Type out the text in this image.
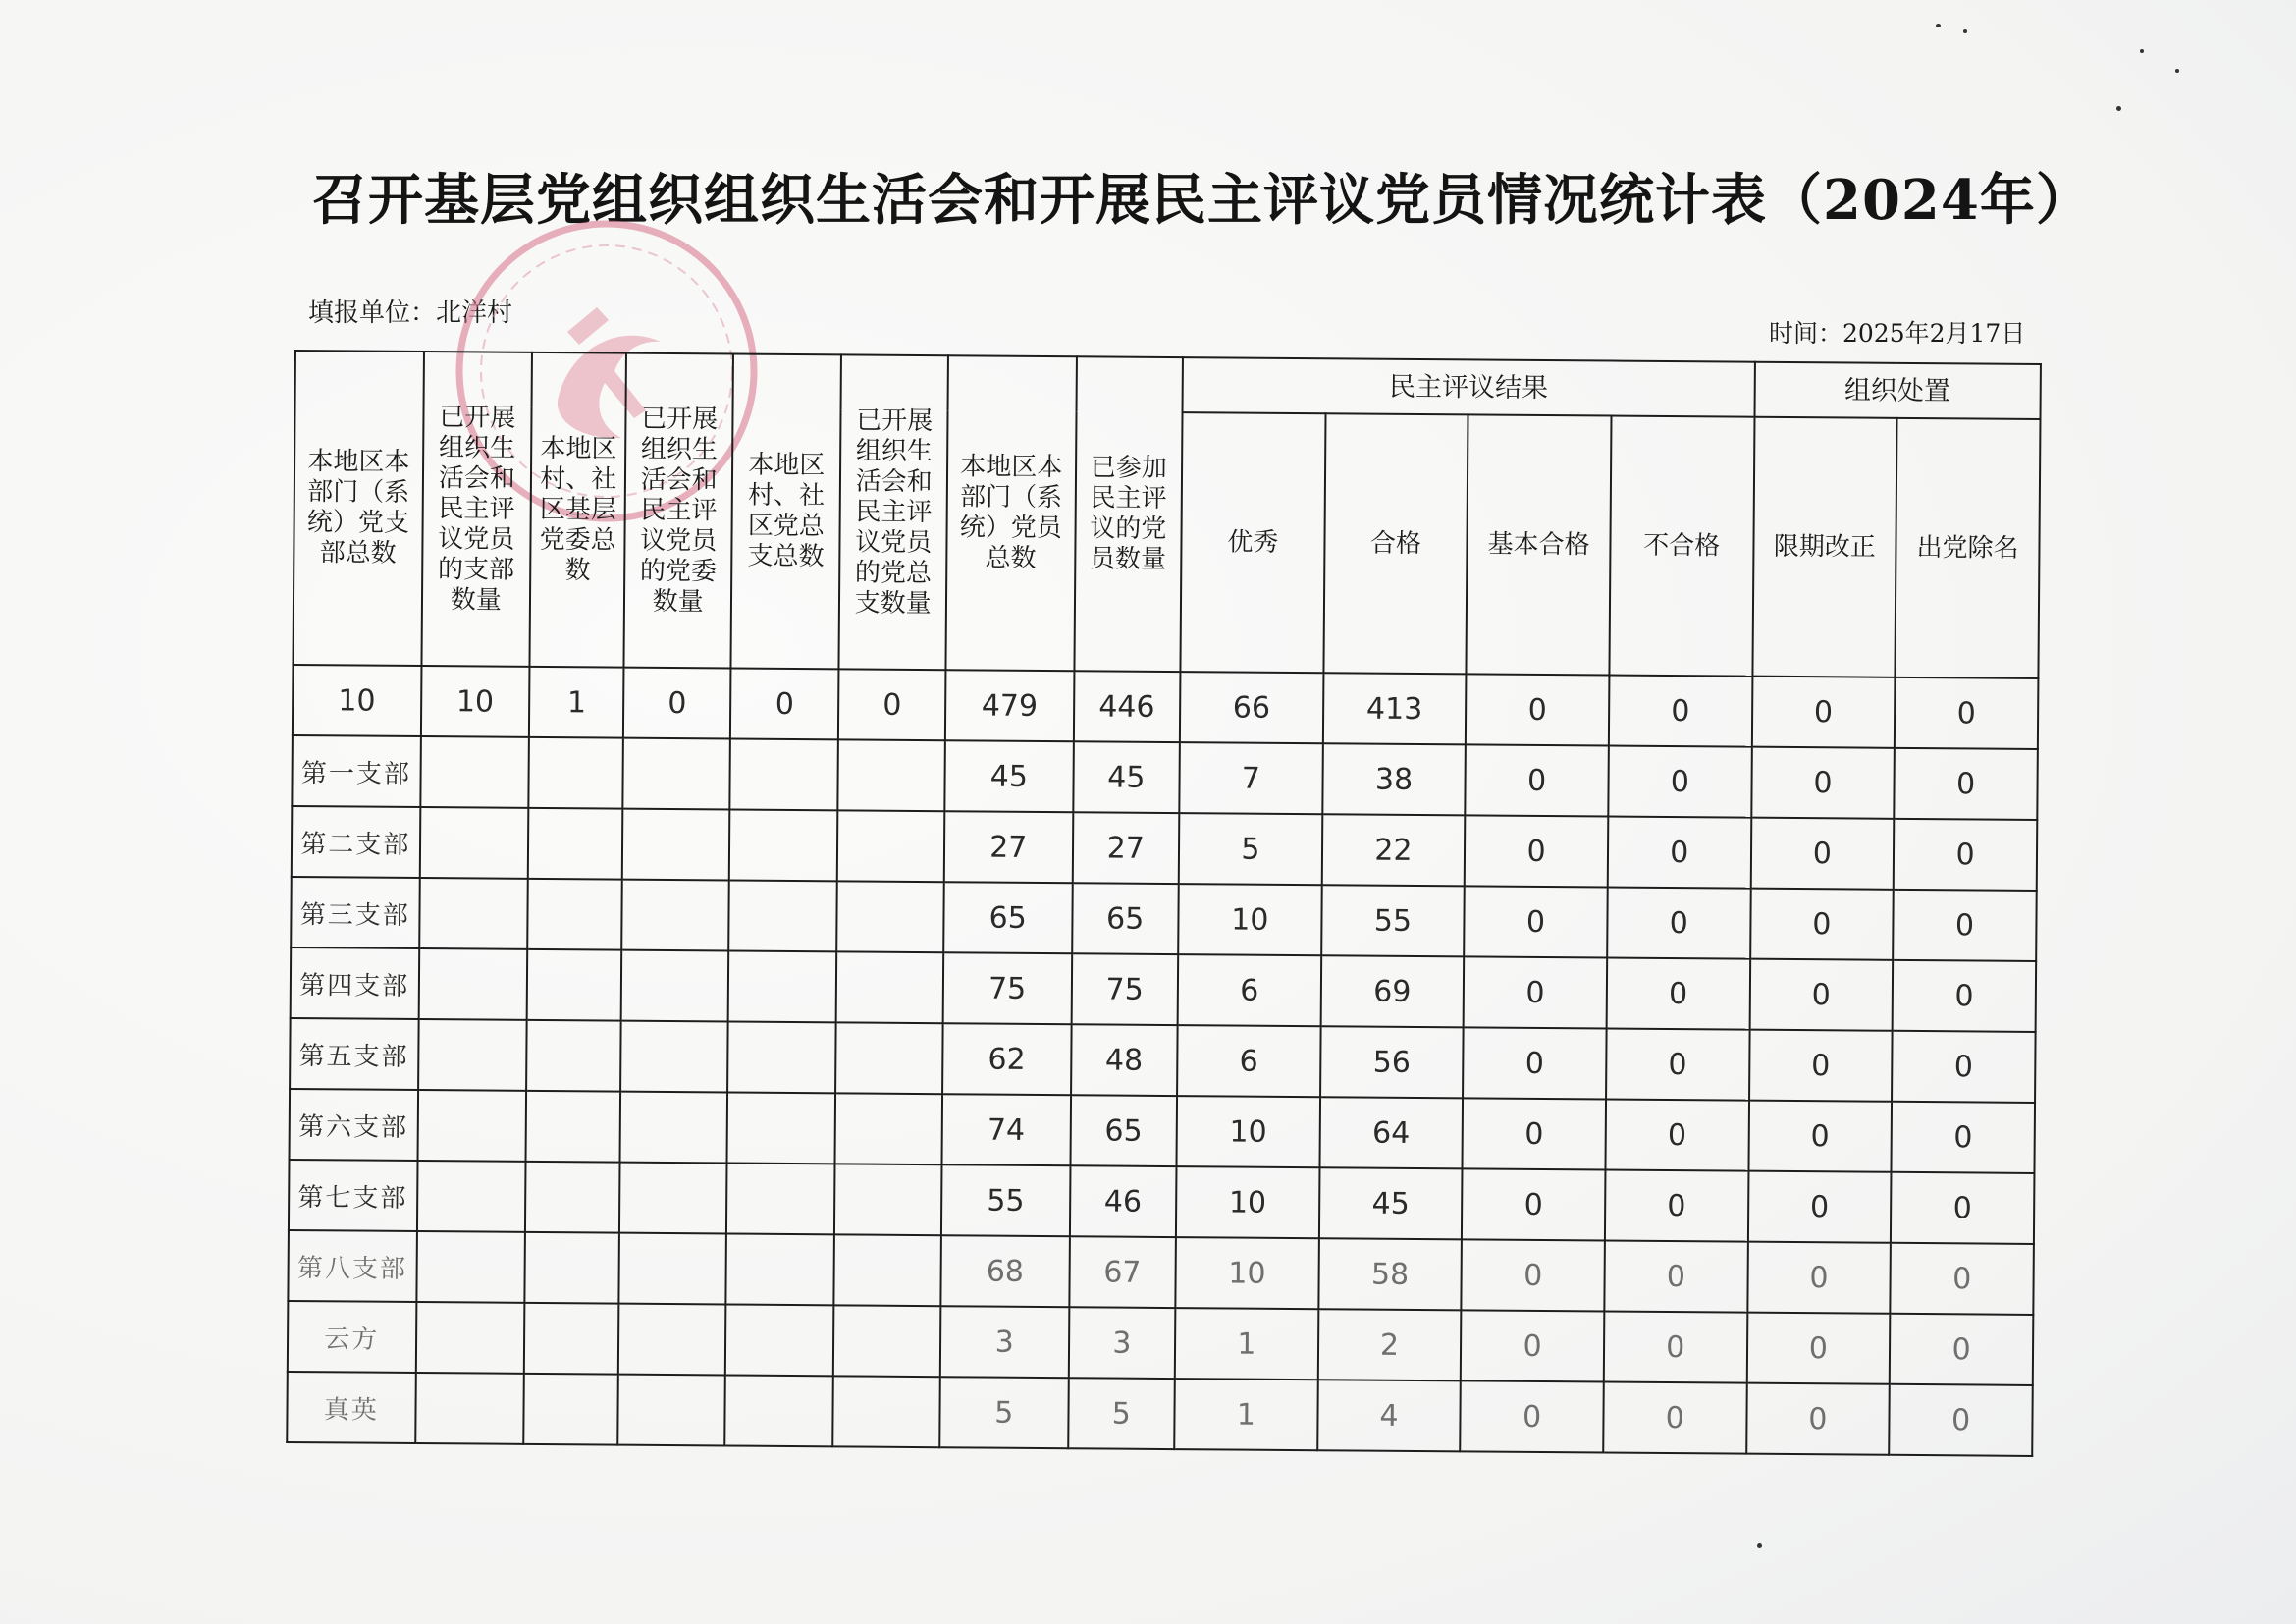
召开基层党组织组织生活会和开展民主评议党员情况统计表（2024年）
填报单位：北洋村
时间：2025年2月17日
本地区本部门（系统）党支部总数	已开展组织生活会和民主评议党员的支部数量	本地区村、社区基层党委总数	已开展组织生活会和民主评议党员的党委数量	本地区村、社区党总支总数	已开展组织生活会和民主评议党员的党总支数量	本地区本部门（系统）党员总数	已参加民主评议的党员数量	民主评议结果				组织处置	
								优秀	合格	基本合格	不合格	限期改正	出党除名
10	10	1	0	0	0	479	446	66	413	0	0	0	0
第一支部						45	45	7	38	0	0	0	0
第二支部						27	27	5	22	0	0	0	0
第三支部						65	65	10	55	0	0	0	0
第四支部						75	75	6	69	0	0	0	0
第五支部						62	48	6	56	0	0	0	0
第六支部						74	65	10	64	0	0	0	0
第七支部						55	46	10	45	0	0	0	0
第八支部						68	67	10	58	0	0	0	0
云方						3	3	1	2	0	0	0	0
真英						5	5	1	4	0	0	0	0
